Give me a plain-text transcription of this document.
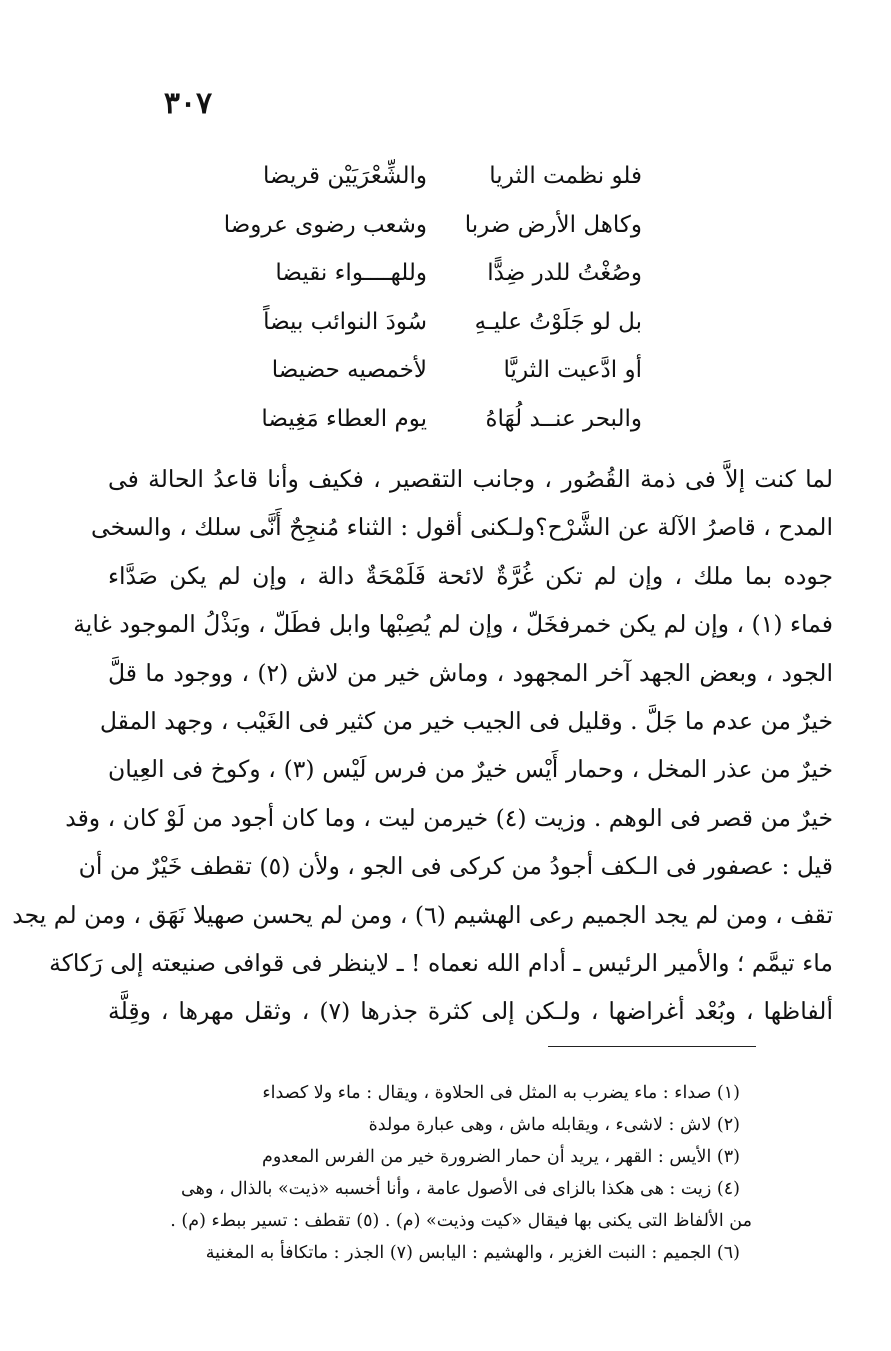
٣٠٧
فلو نظمت الثريا
والشِّعْرَيَيْن قريضا
وكاهل الأرض ضربا
وشعب رضوى عروضا
وصُغْتُ للدر ضِدًّا
وللهــــواء نقيضا
بل لو جَلَوْتُ عليـهِ
سُودَ النوائب بيضاً
أو ادَّعيت الثريَّا
لأخمصيه حضيضا
والبحر عنــد لُهَاهُ
يوم العطاء مَغِيضا
لما كنت إلاَّ فى ذمة القُصُور ، وجانب التقصير ، فكيف وأنا قاعدُ الحالة فى
المدح ، قاصرُ الآلة عن الشَّرْح؟ولـكنى أقول : الثناء مُنجِحٌ أَنَّى سلك ، والسخى
جوده بما ملك ، وإن لم تكن غُرَّةٌ لائحة فَلَمْحَةٌ دالة ، وإن لم يكن صَدَّاء
فماء (١) ، وإن لم يكن خمرفخَلّ ، وإن لم يُصِبْها وابل فطَلّ ، وبَذْلُ الموجود غاية
الجود ، وبعض الجهد آخر المجهود ، وماش خير من لاش (٢) ، ووجود ما قلَّ
خيرٌ من عدم ما جَلَّ . وقليل فى الجيب خير من كثير فى الغَيْب ، وجهد المقل
خيرٌ من عذر المخل ، وحمار أَيْس خيرٌ من فرس لَيْس (٣) ، وكوخ فى العِيان
خيرٌ من قصر فى الوهم . وزيت (٤) خيرمن ليت ، وما كان أجود من لَوْ كان ، وقد
قيل : عصفور فى الـكف أجودُ من كركى فى الجو ، ولأن (٥) تقطف خَيْرٌ من أن
تقف ، ومن لم يجد الجميم رعى الهشيم (٦) ، ومن لم يحسن صهيلا نَهَق ، ومن لم يجد
ماء تيمَّم ؛ والأمير الرئيس ـ أدام الله نعماه ! ـ لاينظر فى قوافى صنيعته إلى رَكاكة
ألفاظها ، وبُعْد أغراضها ، ولـكن إلى كثرة جذرها (٧) ، وثقل مهرها ، وقِلَّة
(١) صداء : ماء يضرب به المثل فى الحلاوة ، ويقال : ماء ولا كصداء
(٢) لاش : لاشىء ، ويقابله ماش ، وهى عبارة مولدة
(٣) الأيس : القهر ، يريد أن حمار الضرورة خير من الفرس المعدوم
(٤) زيت : هى هكذا بالزاى فى الأصول عامة ، وأنا أخسبه «ذيت» بالذال ، وهى
من الألفاظ التى يكنى بها فيقال «كيت وذيت» (م) . (٥) تقطف : تسير ببطء (م) .
(٦) الجميم : النبت الغزير ، والهشيم : اليابس (٧) الجذر : ماتكافأ به المغنية
